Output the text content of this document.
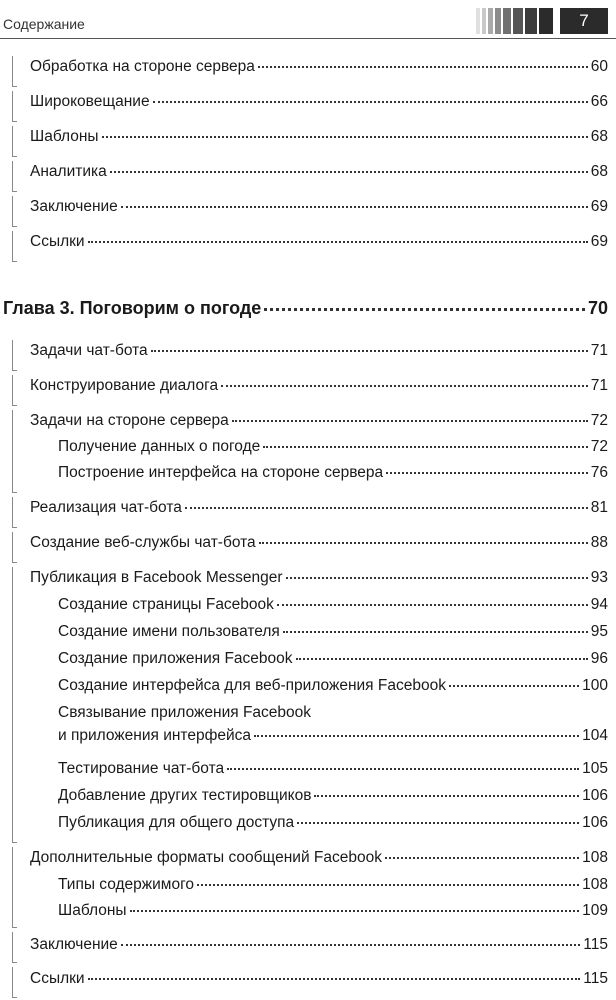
Содержание	7
Обработка на стороне сервера	60
Широковещание	66
Шаблоны	68
Аналитика	68
Заключение	69
Ссылки	69
Глава 3. Поговорим о погоде	70
Задачи чат-бота	71
Конструирование диалога	71
Задачи на стороне сервера	72
Получение данных о погоде	72
Построение интерфейса на стороне сервера	76
Реализация чат-бота	81
Создание веб-службы чат-бота	88
Публикация в Facebook Messenger	93
Создание страницы Facebook	94
Создание имени пользователя	95
Создание приложения Facebook	96
Создание интерфейса для веб-приложения Facebook	100
Связывание приложения Facebook
и приложения интерфейса	104
Тестирование чат-бота	105
Добавление других тестировщиков	106
Публикация для общего доступа	106
Дополнительные форматы сообщений Facebook	108
Типы содержимого	108
Шаблоны	109
Заключение	115
Ссылки	115
